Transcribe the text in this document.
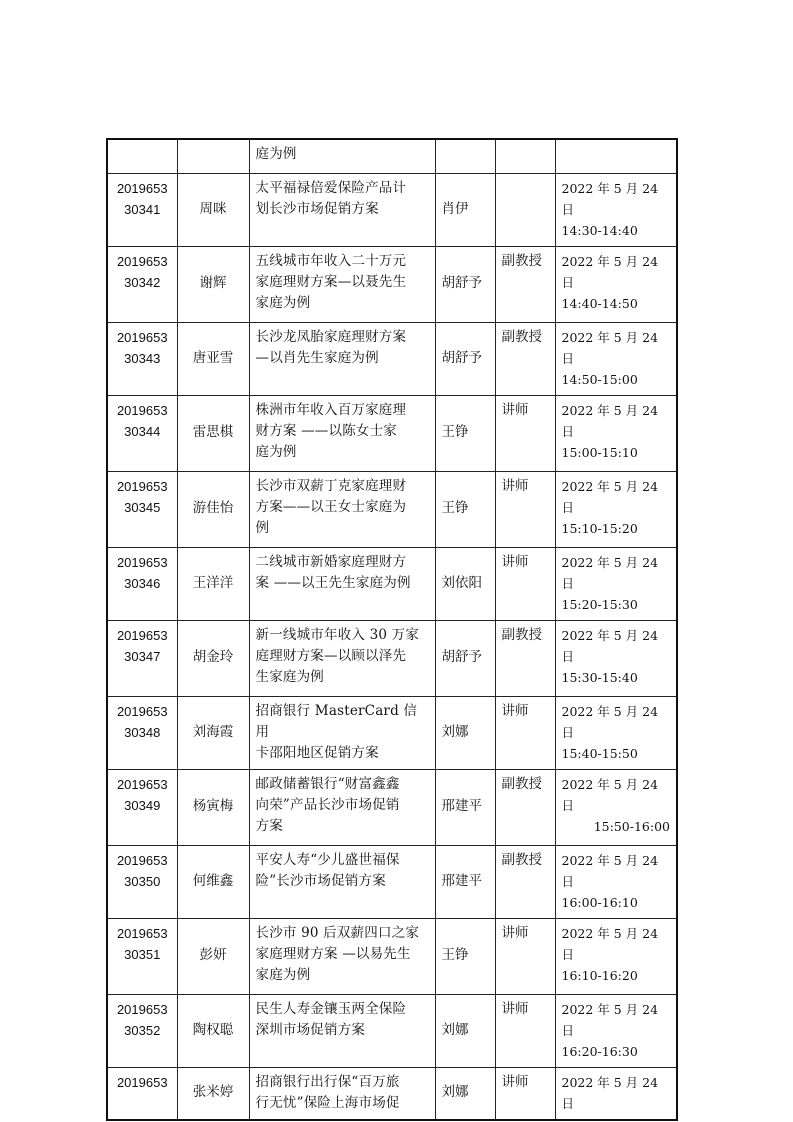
		庭为例			

2019653
30341	周咪	太平福禄倍爱保险产品计
划长沙市场促销方案	肖伊		2022 年 5 月 24 日
14:30-14:40

2019653
30342	谢辉	五线城市年收入二十万元
家庭理财方案—以聂先生
家庭为例	胡舒予	副教授	2022 年 5 月 24 日
14:40-14:50

2019653
30343	唐亚雪	长沙龙凤胎家庭理财方案
—以肖先生家庭为例	胡舒予	副教授	2022 年 5 月 24 日
14:50-15:00

2019653
30344	雷思棋	株洲市年收入百万家庭理
财方案 ——以陈女士家
庭为例	王铮	讲师	2022 年 5 月 24 日
15:00-15:10

2019653
30345	游佳怡	长沙市双薪丁克家庭理财
方案——以王女士家庭为
例	王铮	讲师	2022 年 5 月 24 日
15:10-15:20

2019653
30346	王洋洋	二线城市新婚家庭理财方
案 ——以王先生家庭为例	刘依阳	讲师	2022 年 5 月 24 日
15:20-15:30

2019653
30347	胡金玲	新一线城市年收入 30 万家
庭理财方案—以顾以泽先
生家庭为例	胡舒予	副教授	2022 年 5 月 24 日
15:30-15:40

2019653
30348	刘海霞	招商银行 MasterCard 信用
卡邵阳地区促销方案	刘娜	讲师	2022 年 5 月 24 日
15:40-15:50

2019653
30349	杨寅梅	邮政储蓄银行“财富鑫鑫
向荣”产品长沙市场促销
方案	邢建平	副教授	2022 年 5 月 24 日
15:50-16:00

2019653
30350	何维鑫	平安人寿“少儿盛世福保
险”长沙市场促销方案	邢建平	副教授	2022 年 5 月 24 日
16:00-16:10

2019653
30351	彭妍	长沙市 90 后双薪四口之家
家庭理财方案 —以易先生
家庭为例	王铮	讲师	2022 年 5 月 24 日
16:10-16:20

2019653
30352	陶权聪	民生人寿金镶玉两全保险
深圳市场促销方案	刘娜	讲师	2022 年 5 月 24 日
16:20-16:30

2019653	张米婷	招商银行出行保“百万旅
行无忧”保险上海市场促	刘娜	讲师	2022 年 5 月 24 日
